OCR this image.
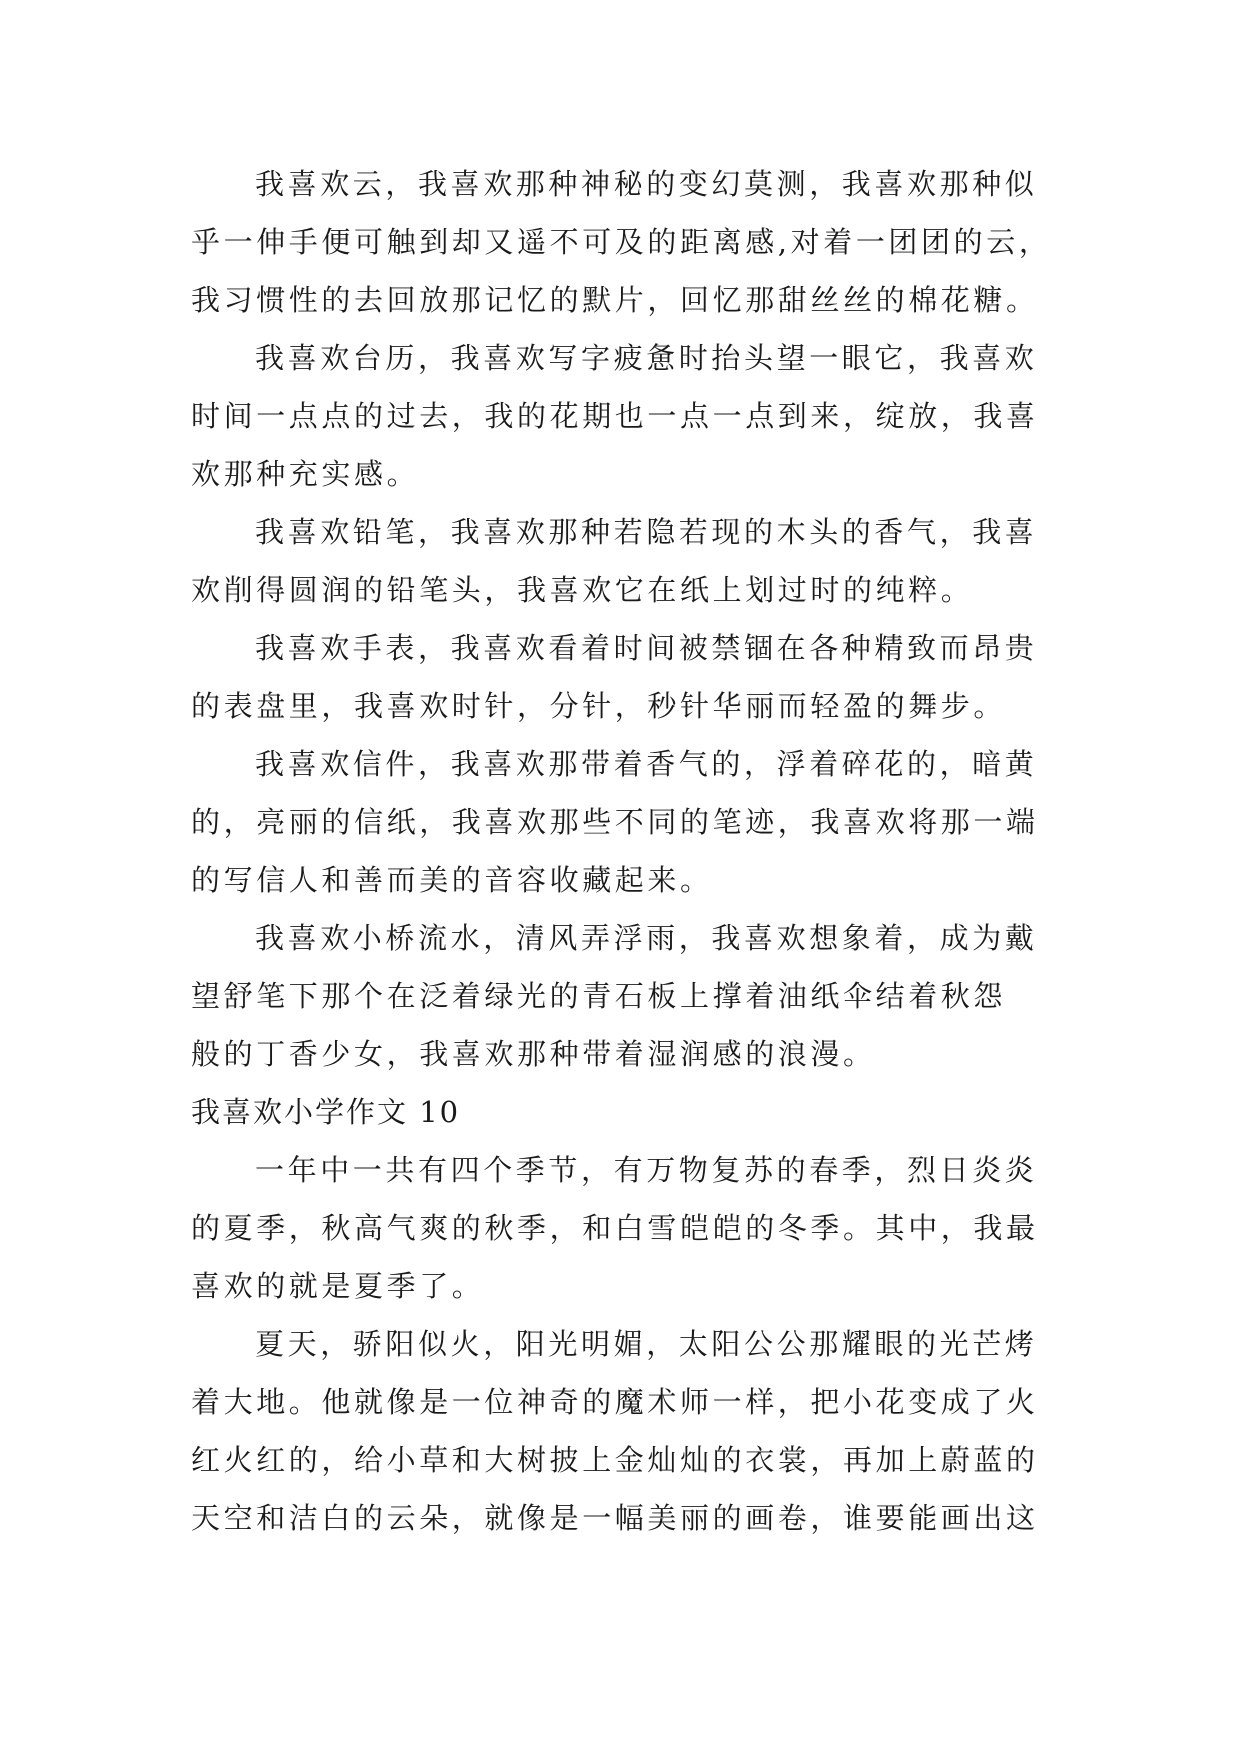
我喜欢云，我喜欢那种神秘的变幻莫测，我喜欢那种似
乎一伸手便可触到却又遥不可及的距离感,对着一团团的云，
我习惯性的去回放那记忆的默片，回忆那甜丝丝的棉花糖。
我喜欢台历，我喜欢写字疲惫时抬头望一眼它，我喜欢
时间一点点的过去，我的花期也一点一点到来，绽放，我喜
欢那种充实感。
我喜欢铅笔，我喜欢那种若隐若现的木头的香气，我喜
欢削得圆润的铅笔头，我喜欢它在纸上划过时的纯粹。
我喜欢手表，我喜欢看着时间被禁锢在各种精致而昂贵
的表盘里，我喜欢时针，分针，秒针华丽而轻盈的舞步。
我喜欢信件，我喜欢那带着香气的，浮着碎花的，暗黄
的，亮丽的信纸，我喜欢那些不同的笔迹，我喜欢将那一端
的写信人和善而美的音容收藏起来。
我喜欢小桥流水，清风弄浮雨，我喜欢想象着，成为戴
望舒笔下那个在泛着绿光的青石板上撑着油纸伞结着秋怨
般的丁香少女，我喜欢那种带着湿润感的浪漫。
我喜欢小学作文 10
一年中一共有四个季节，有万物复苏的春季，烈日炎炎
的夏季，秋高气爽的秋季，和白雪皑皑的冬季。其中，我最
喜欢的就是夏季了。
夏天，骄阳似火，阳光明媚，太阳公公那耀眼的光芒烤
着大地。他就像是一位神奇的魔术师一样，把小花变成了火
红火红的，给小草和大树披上金灿灿的衣裳，再加上蔚蓝的
天空和洁白的云朵，就像是一幅美丽的画卷，谁要能画出这
